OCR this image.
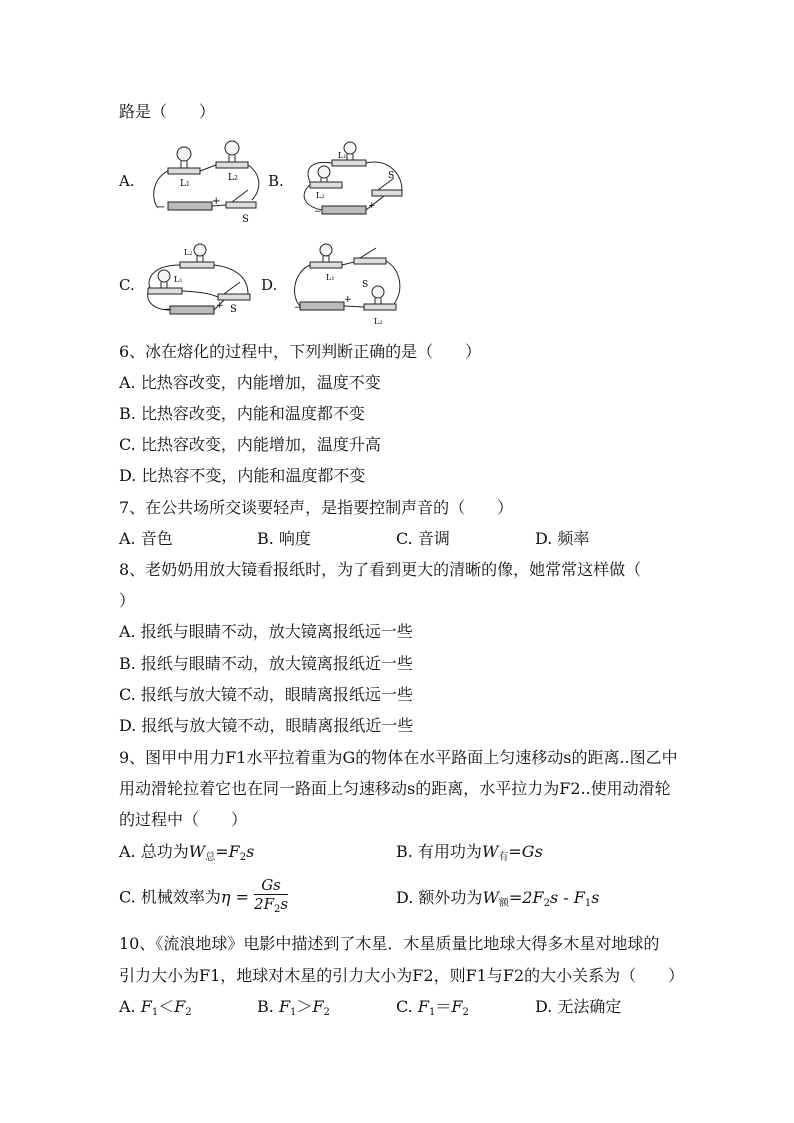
路是（　　）
A.	B.
C.	D.
L1
L2
S
−
+
L1
L2
S
−
+
L2
L1
S
−	+
L1
S
L2
−
+
6、冰在熔化的过程中，下列判断正确的是（　　）
A. 比热容改变，内能增加，温度不变
B. 比热容改变，内能和温度都不变
C. 比热容改变，内能增加，温度升高
D. 比热容不变，内能和温度都不变
7、在公共场所交谈要轻声，是指要控制声音的（　　）
A. 音色	B. 响度	C. 音调	D. 频率
8、老奶奶用放大镜看报纸时，为了看到更大的清晰的像，她常常这样做（
）
A. 报纸与眼睛不动，放大镜离报纸远一些
B. 报纸与眼睛不动，放大镜离报纸近一些
C. 报纸与放大镜不动，眼睛离报纸远一些
D. 报纸与放大镜不动，眼睛离报纸近一些
9、图甲中用力F1水平拉着重为G的物体在水平路面上匀速移动s的距离..图乙中
用动滑轮拉着它也在同一路面上匀速移动s的距离，水平拉力为F2..使用动滑轮
的过程中（　　）
A. 总功为$W_总=F_2s$	B. 有用功为$W_有=Gs$
C. 机械效率为$\eta = \frac{Gs}{2F_2s}$	D. 额外功为$W_额=2F_2s - F_1s$
10、《流浪地球》电影中描述到了木星．木星质量比地球大得多木星对地球的
引力大小为F1，地球对木星的引力大小为F2，则F1与F2的大小关系为（　　）
A. $F_1<F_2$	B. $F_1>F_2$	C. $F_1=F_2$	D. 无法确定
